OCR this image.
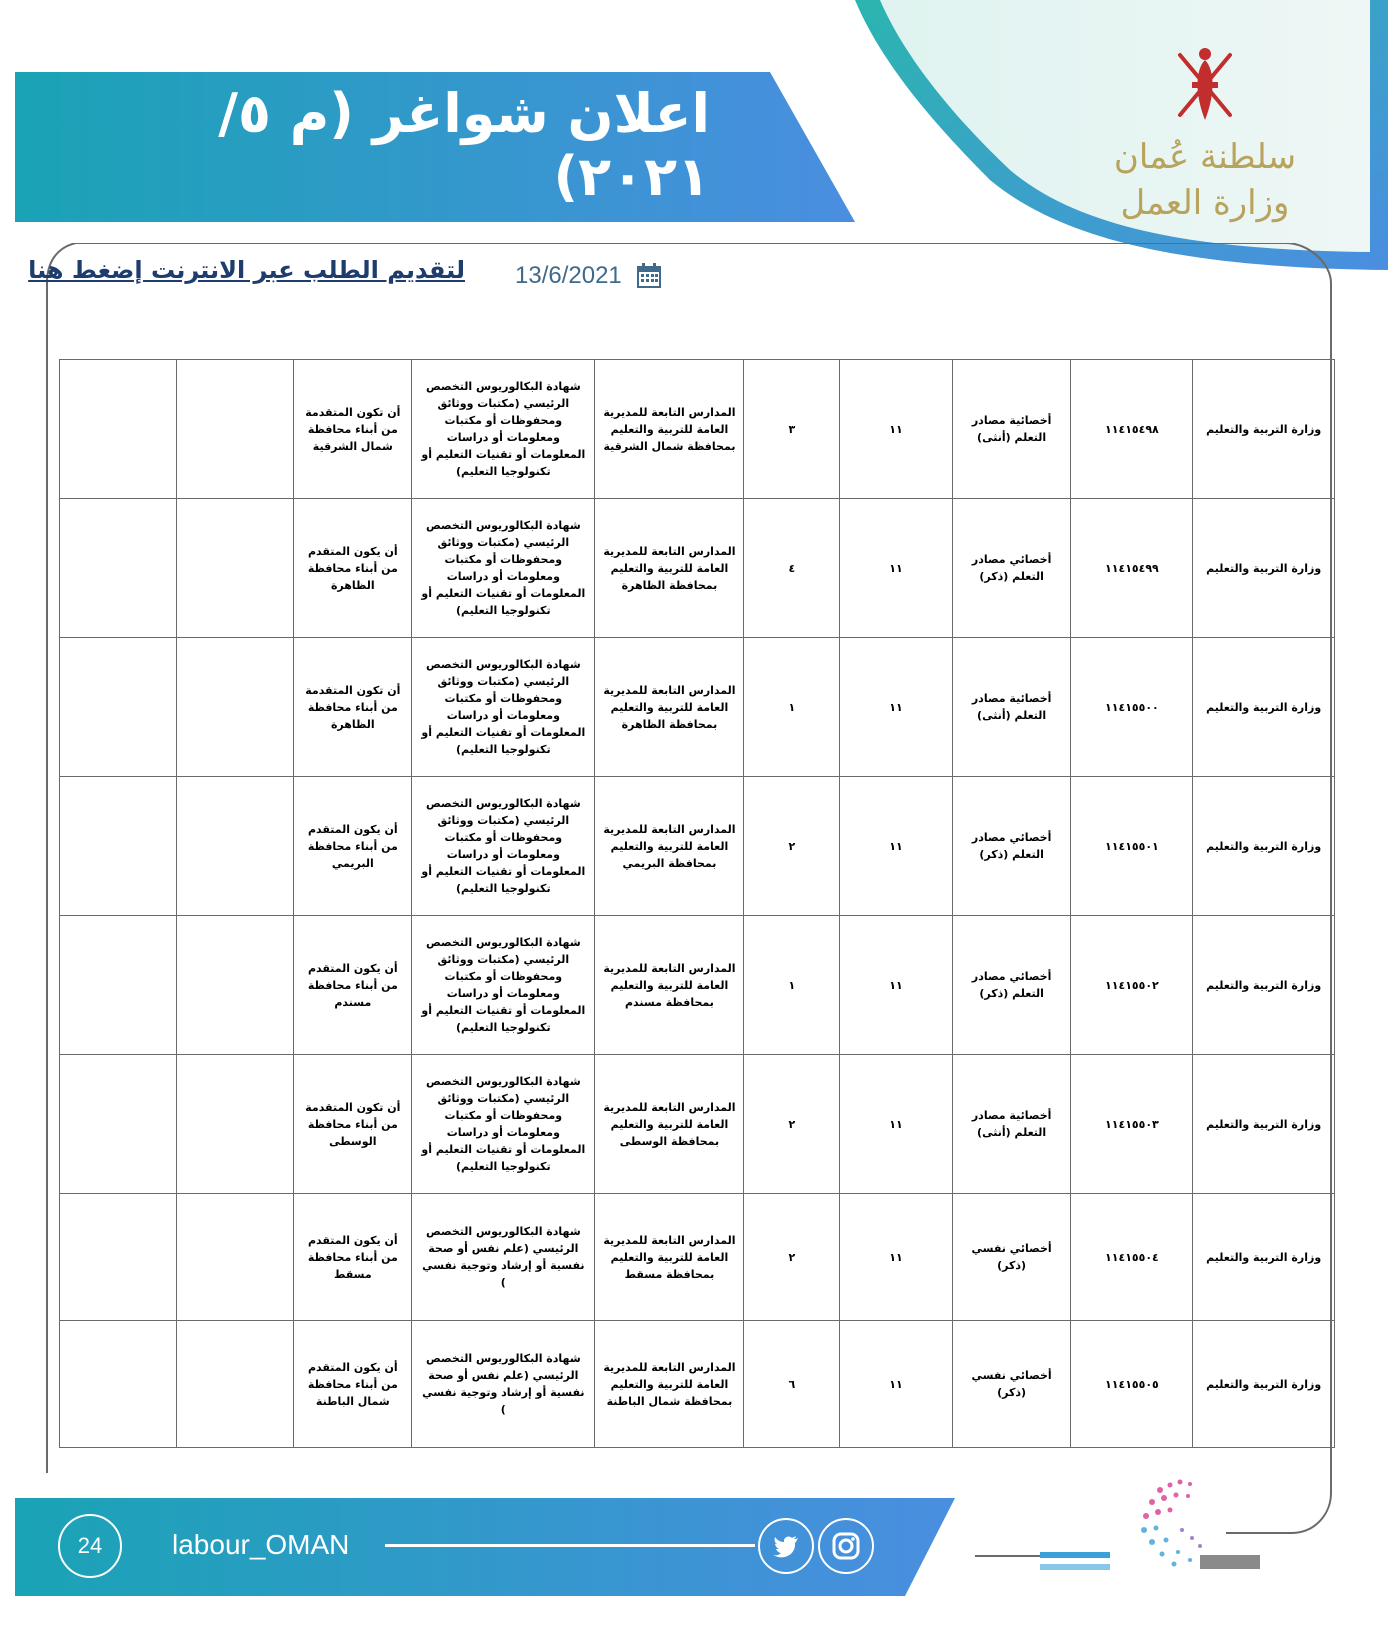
اعلان شواغر (م ٥/ ٢٠٢١)	سلطنة عُمان
وزارة العمل
13/6/2021
لتقديم الطلب عبر الانترنت إضغط هنا
وزارة التربية والتعليم	١١٤١٥٤٩٨	أخصائية مصادر التعلم (أنثى)	١١	٣	المدارس التابعة للمديرية العامة للتربية والتعليم بمحافظة شمال الشرقية	شهادة البكالوريوس التخصص الرئيسي (مكتبات ووثائق ومحفوظات أو مكتبات ومعلومات أو دراسات المعلومات أو تقنيات التعليم أو تكنولوجيا التعليم)	أن تكون المتقدمة من أبناء محافظة شمال الشرقية		
وزارة التربية والتعليم	١١٤١٥٤٩٩	أخصائي مصادر التعلم (ذكر)	١١	٤	المدارس التابعة للمديرية العامة للتربية والتعليم بمحافظة الظاهرة	شهادة البكالوريوس التخصص الرئيسي (مكتبات ووثائق ومحفوظات أو مكتبات ومعلومات أو دراسات المعلومات أو تقنيات التعليم أو تكنولوجيا التعليم)	أن يكون المتقدم من أبناء محافظة الظاهرة		
وزارة التربية والتعليم	١١٤١٥٥٠٠	أخصائية مصادر التعلم (أنثى)	١١	١	المدارس التابعة للمديرية العامة للتربية والتعليم بمحافظة الظاهرة	شهادة البكالوريوس التخصص الرئيسي (مكتبات ووثائق ومحفوظات أو مكتبات ومعلومات أو دراسات المعلومات أو تقنيات التعليم أو تكنولوجيا التعليم)	أن تكون المتقدمة من أبناء محافظة الظاهرة		
وزارة التربية والتعليم	١١٤١٥٥٠١	أخصائي مصادر التعلم (ذكر)	١١	٢	المدارس التابعة للمديرية العامة للتربية والتعليم بمحافظة البريمي	شهادة البكالوريوس التخصص الرئيسي (مكتبات ووثائق ومحفوظات أو مكتبات ومعلومات أو دراسات المعلومات أو تقنيات التعليم أو تكنولوجيا التعليم)	أن يكون المتقدم من أبناء محافظة البريمي		
وزارة التربية والتعليم	١١٤١٥٥٠٢	أخصائي مصادر التعلم (ذكر)	١١	١	المدارس التابعة للمديرية العامة للتربية والتعليم بمحافظة مسندم	شهادة البكالوريوس التخصص الرئيسي (مكتبات ووثائق ومحفوظات أو مكتبات ومعلومات أو دراسات المعلومات أو تقنيات التعليم أو تكنولوجيا التعليم)	أن يكون المتقدم من أبناء محافظة مسندم		
وزارة التربية والتعليم	١١٤١٥٥٠٣	أخصائية مصادر التعلم (أنثى)	١١	٢	المدارس التابعة للمديرية العامة للتربية والتعليم بمحافظة الوسطى	شهادة البكالوريوس التخصص الرئيسي (مكتبات ووثائق ومحفوظات أو مكتبات ومعلومات أو دراسات المعلومات أو تقنيات التعليم أو تكنولوجيا التعليم)	أن تكون المتقدمة من أبناء محافظة الوسطى		
وزارة التربية والتعليم	١١٤١٥٥٠٤	أخصائي نفسي (ذكر)	١١	٢	المدارس التابعة للمديرية العامة للتربية والتعليم بمحافظة مسقط	شهادة البكالوريوس التخصص الرئيسي (علم نفس أو صحة نفسية أو إرشاد وتوجية نفسي )	أن يكون المتقدم من أبناء محافظة مسقط		
وزارة التربية والتعليم	١١٤١٥٥٠٥	أخصائي نفسي (ذكر)	١١	٦	المدارس التابعة للمديرية العامة للتربية والتعليم بمحافظة شمال الباطنة	شهادة البكالوريوس التخصص الرئيسي (علم نفس أو صحة نفسية أو إرشاد وتوجية نفسي )	أن يكون المتقدم من أبناء محافظة شمال الباطنة		
24	labour_OMAN
